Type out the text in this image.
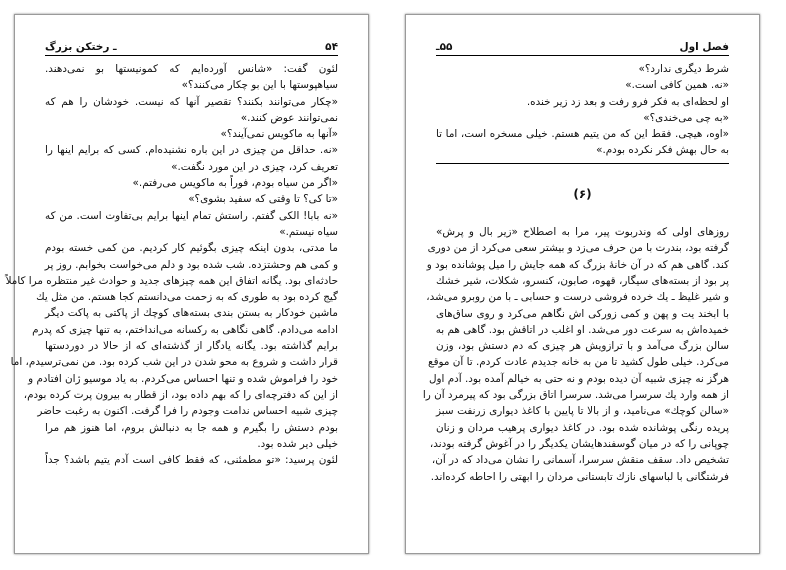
۵۴
ـ رختکن بزرگ
لئون گفت: «شانس آورده‌ایم که کمونیستها بو نمی‌دهند.
سیاهپوستها با این بو چکار می‌کنند؟»
«چکار می‌توانند بکنند؟ تقصیر آنها که نیست. خودشان را هم که
نمی‌توانند عوض کنند.»
«آنها به ماکویس نمی‌آیند؟»
«نه. حداقل من چیزی در این باره نشنیده‌ام. کسی که برایم اینها را
تعریف کرد، چیزی در این مورد نگفت.»
«اگر من سیاه بودم، فوراً به ماکویس می‌رفتم.»
«تا کی؟ تا وقتی که سفید بشوی؟»
«نه بابا! الکی گفتم. راستش تمام اینها برایم بی‌تفاوت است. من که
سیاه نیستم.»
ما مدتی، بدون اینکه چیزی بگوئیم کار کردیم. من کمی خسته بودم
و کمی هم وحشتزده. شب شده بود و دلم می‌خواست بخوابم. روز پر
حادثه‌ای بود. یگانه اتفاق این همه چیزهای جدید و حوادث غیر منتظره مرا کاملاً
گیج کرده بود به طوری که به زحمت می‌دانستم کجا هستم. من مثل یك
ماشین خودکار به بستن بندی بسته‌های کوچك از پاکتی به پاکت دیگر
ادامه می‌دادم. گاهی نگاهی به رکسانه می‌انداختم، به تنها چیزی که پدرم
برایم گذاشته بود. یگانه یادگار از گذشته‌ای که از حالا در دوردستها
قرار داشت و شروع به محو شدن در این شب کرده بود. من نمی‌ترسیدم، اما
خود را فراموش شده و تنها احساس می‌کردم. به یاد موسیو ژان افتادم و
از این که دفترچه‌ای را که بهم داده بود، از قطار به بیرون پرت کرده بودم،
چیزی شبیه احساس ندامت وجودم را فرا گرفت. اکنون به رغبت حاضر
بودم دستش را بگیرم و همه جا به دنبالش بروم، اما هنوز هم مرا
خیلی دیر شده بود.
لئون پرسید: «تو مطمئنی، که فقط کافی است آدم یتیم باشد؟ جداً
فصل اول
۵۵ـ
شرط دیگری ندارد؟»
«نه. همین کافی است.»
او لحظه‌ای به فکر فرو رفت و بعد زد زیر خنده.
«به چی می‌خندی؟»
«اوه، هیچی. فقط این که من یتیم هستم. خیلی مسخره است، اما تا
به حال بهش فکر نکرده بودم.»
(۶)
روزهای اولی که وندربوت پیر، مرا به اصطلاح «زیر بال و پرش»
گرفته بود، بندرت با من حرف می‌زد و بیشتر سعی می‌کرد از من دوری
کند. گاهی هم که در آن خانهٔ بزرگ که همه جایش را میل پوشانده بود و
پر بود از بسته‌های سیگار، قهوه، صابون، کنسرو، شکلات، شیر خشك
و شیر غلیظ ـ یك خرده فروشی درست و حسابی ـ با من روبرو می‌شد،
با ابخند یت و پهن و کمی زورکی اش نگاهم می‌کرد و روی ساق‌های
خمیده‌اش به سرعت دور می‌شد. او اغلب در اتاقش بود. گاهی هم به
سالن بزرگ می‌آمد و با ترازویش هر چیزی که دم دستش بود، وزن
می‌کرد. خیلی طول کشید تا من به خانه جدیدم عادت کردم. تا آن موقع
هرگز نه چیزی شبیه آن دیده بودم و نه حتی به خیالم آمده بود. آدم اول
از همه وارد یك سرسرا می‌شد. سرسرا اتاق بزرگی بود که پیرمرد آن را
«سالن کوچك» می‌نامید، و از بالا تا پایین با کاغذ دیواری زرنفت سبز
پریده رنگی پوشانده شده بود. در کاغذ دیواری پرهیب مردان و زنان
چوپانی را که در میان گوسفندهایشان یکدیگر را در آغوش گرفته بودند،
تشخیص داد. سقف منقش سرسرا، آسمانی را نشان می‌داد که در آن،
فرشتگانی با لباسهای نازك تابستانی مردان را ابهتی را احاطه کرده‌اند.
